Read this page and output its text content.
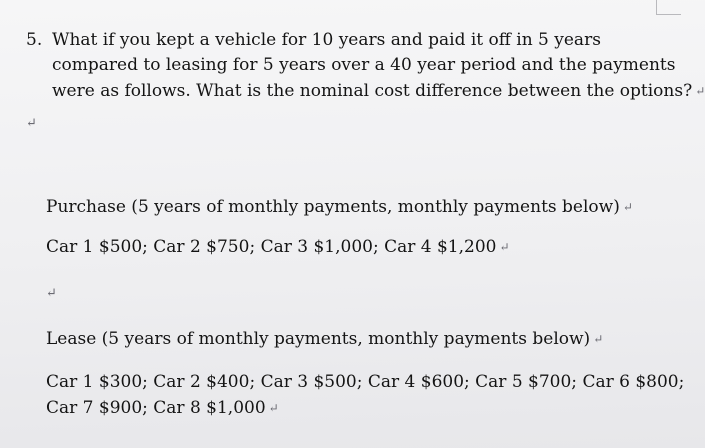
5. What if you kept a vehicle for 10 years and paid it off in 5 years
compared to leasing for 5 years over a 40 year period and the payments
were as follows. What is the nominal cost difference between the options? ↵
↵
Purchase (5 years of monthly payments, monthly payments below) ↵
Car 1 $500; Car 2 $750; Car 3 $1,000; Car 4 $1,200 ↵
↵
Lease (5 years of monthly payments, monthly payments below) ↵
Car 1 $300; Car 2 $400; Car 3 $500; Car 4 $600; Car 5 $700; Car 6 $800;
Car 7 $900; Car 8 $1,000 ↵
